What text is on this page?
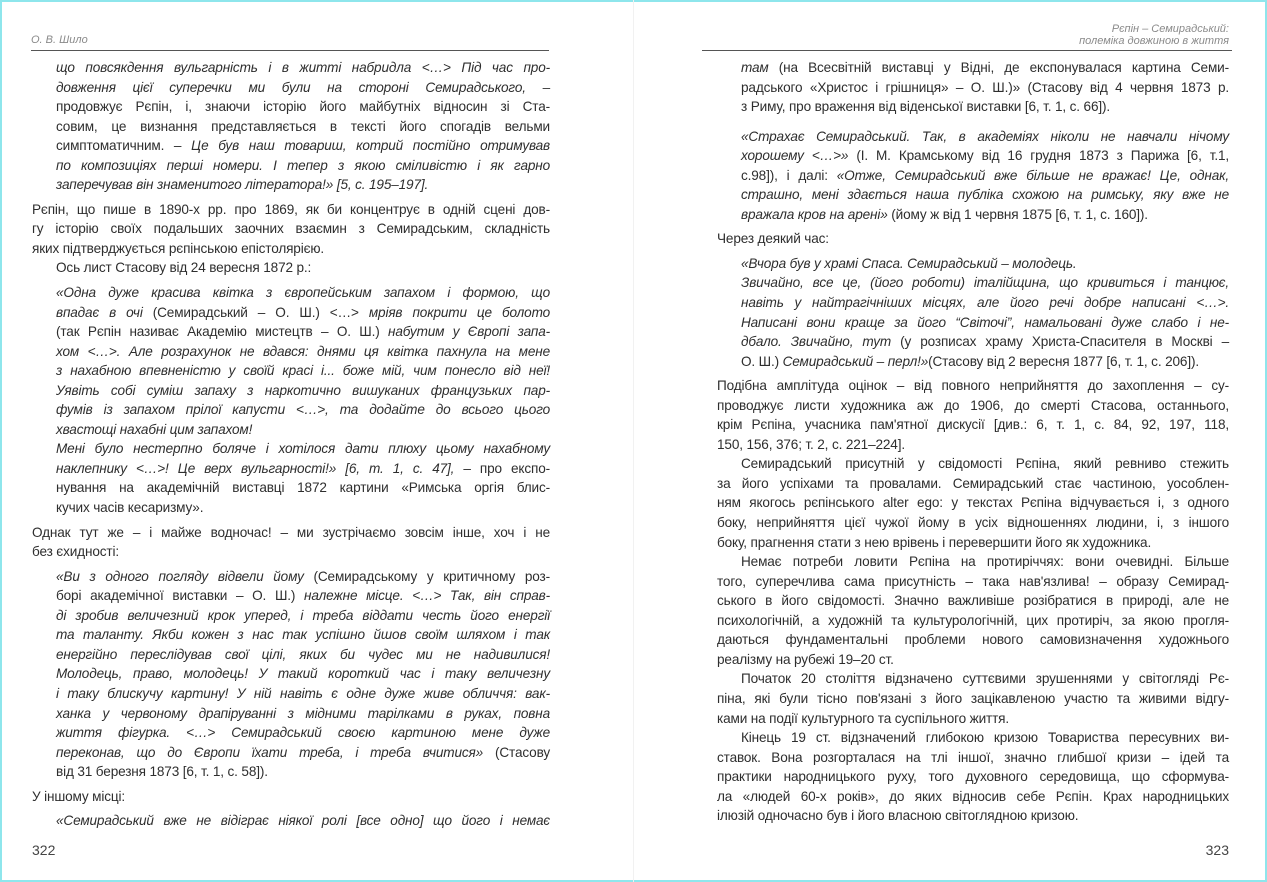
О. В. Шило
що повсякдення вульгарність і в житті набридла <…> Під час про-
довження цієї суперечки ми були на стороні Семирадського, –
продовжує Рєпін, і, знаючи історію його майбутніх відносин зі Ста-
совим, це визнання представляється в тексті його спогадів вельми
симптоматичним. – Це був наш товариш, котрий постійно отримував
по композиціях перші номери. І тепер з якою сміливістю і як гарно
заперечував він знаменитого літератора!» [5, с. 195–197].
Рєпін, що пише в 1890-х рр. про 1869, як би концентрує в одній сцені дов-
гу історію своїх подальших заочних взаємин з Семирадським, складність
яких підтверджується рєпінською епістолярією.
Ось лист Стасову від 24 вересня 1872 р.:
«Одна дуже красива квітка з європейським запахом і формою, що
впадає в очі (Семирадський – О. Ш.) <…> мріяв покрити це болото
(так Рєпін називає Академію мистецтв – О. Ш.) набутим у Європі запа-
хом <…>. Але розрахунок не вдався: днями ця квітка пахнула на мене
з нахабною впевненістю у своїй красі і... боже мій, чим понесло від неї!
Уявіть собі суміш запаху з наркотично вишуканих французьких пар-
фумів із запахом прілої капусти <…>, та додайте до всього цього
хвастощі нахабні цим запахом!
Мені було нестерпно боляче і хотілося дати плюху цьому нахабному
наклепнику <…>! Це верх вульгарності!» [6, т. 1, с. 47], – про експо-
нування на академічній виставці 1872 картини «Римська оргія блис-
кучих часів кесаризму».
Однак тут же – і майже водночас! – ми зустрічаємо зовсім інше, хоч і не
без єхидності:
«Ви з одного погляду відвели йому (Семирадському у критичному роз-
борі академічної виставки – О. Ш.) належне місце. <…> Так, він справ-
ді зробив величезний крок уперед, і треба віддати честь його енергії
та таланту. Якби кожен з нас так успішно йшов своїм шляхом і так
енергійно переслідував свої цілі, яких би чудес ми не надивилися!
Молодець, право, молодець! У такий короткий час і таку величезну
і таку блискучу картину! У ній навіть є одне дуже живе обличчя: вак-
ханка у червоному драпіруванні з мідними тарілками в руках, повна
життя фігурка. <…> Семирадський своєю картиною мене дуже
переконав, що до Європи їхати треба, і треба вчитися» (Стасову
від 31 березня 1873 [6, т. 1, с. 58]).
У іншому місці:
«Семирадський вже не відіграє ніякої ролі [все одно] що його і немає
322
Рєпін – Семирадський:
полеміка довжиною в життя
там (на Всесвітній виставці у Відні, де експонувалася картина Семи-
радського «Христос і грішниця» – О. Ш.)» (Стасову від 4 червня 1873 р.
з Риму, про враження від віденської виставки [6, т. 1, с. 66]).
«Страхає Семирадський. Так, в академіях ніколи не навчали нічому
хорошему <…>» (І. М. Крамському від 16 грудня 1873 з Парижа [6, т.1,
с.98]), і далі: «Отже, Семирадський вже більше не вражає! Це, однак,
страшно, мені здається наша публіка схожою на римську, яку вже не
вражала кров на арені» (йому ж від 1 червня 1875 [6, т. 1, с. 160]).
Через деякий час:
«Вчора був у храмі Спаса. Семирадський – молодець.
Звичайно, все це, (його роботи) італійщина, що кривиться і танцює,
навіть у найтрагічніших місцях, але його речі добре написані <…>.
Написані вони краще за його “Світочі”, намальовані дуже слабо і не-
дбало. Звичайно, тут (у розписах храму Христа-Спасителя в Москві –
О. Ш.) Семирадський – перл!»(Стасову від 2 вересня 1877 [6, т. 1, с. 206]).
Подібна амплітуда оцінок – від повного неприйняття до захоплення – су-
проводжує листи художника аж до 1906, до смерті Стасова, останнього,
крім Рєпіна, учасника пам'ятної дискусії [див.: 6, т. 1, с. 84, 92, 197, 118,
150, 156, 376; т. 2, с. 221–224].
Семирадський присутній у свідомості Рєпіна, який ревниво стежить
за його успіхами та провалами. Семирадський стає частиною, уособлен-
ням якогось рєпінського alter ego: у текстах Рєпіна відчувається і, з одного
боку, неприйняття цієї чужої йому в усіх відношеннях людини, і, з іншого
боку, прагнення стати з нею врівень і перевершити його як художника.
Немає потреби ловити Рєпіна на протиріччях: вони очевидні. Більше
того, суперечлива сама присутність – така нав'язлива! – образу Семирад-
ського в його свідомості. Значно важливіше розібратися в природі, але не
психологічній, а художній та культурологічній, цих протиріч, за якою прогля-
даються фундаментальні проблеми нового самовизначення художнього
реалізму на рубежі 19–20 ст.
Початок 20 століття відзначено суттєвими зрушеннями у світогляді Рє-
піна, які були тісно пов'язані з його зацікавленою участю та живими відгу-
ками на події культурного та суспільного життя.
Кінець 19 ст. відзначений глибокою кризою Товариства пересувних ви-
ставок. Вона розгорталася на тлі іншої, значно глибшої кризи – ідей та
практики народницького руху, того духовного середовища, що сформува-
ла «людей 60-х років», до яких відносив себе Рєпін. Крах народницьких
ілюзій одночасно був і його власною світоглядною кризою.
323
